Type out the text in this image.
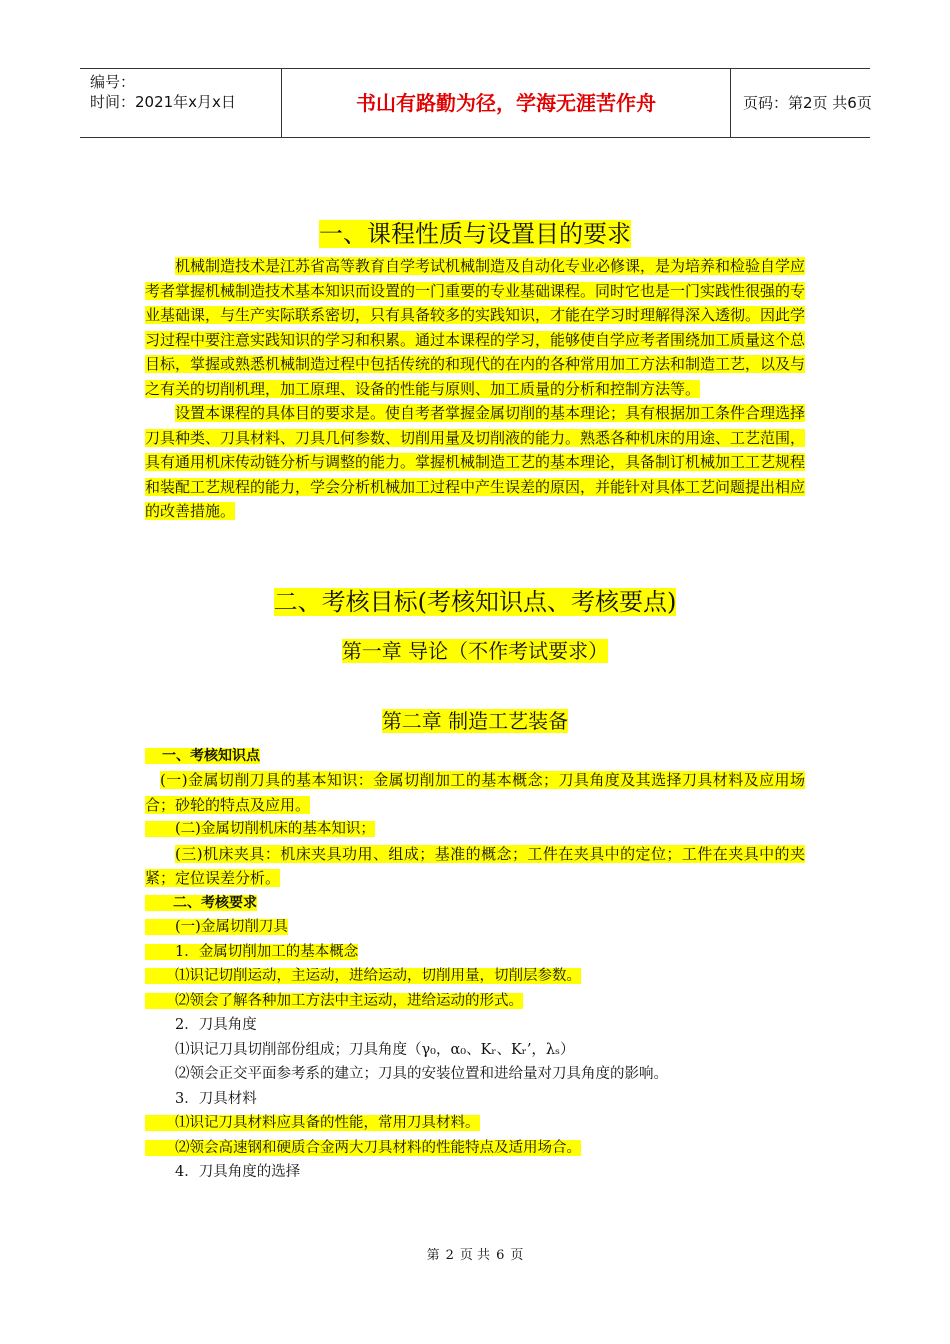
编号：
时间：2021年x月x日	书山有路勤为径，学海无涯苦作舟	页码：第2页 共6页
一、课程性质与设置目的要求

机械制造技术是江苏省高等教育自学考试机械制造及自动化专业必修课，是为培养和检验自学应考者掌握机械制造技术基本知识而设置的一门重要的专业基础课程。同时它也是一门实践性很强的专业基础课，与生产实际联系密切，只有具备较多的实践知识，才能在学习时理解得深入透彻。因此学习过程中要注意实践知识的学习和积累。通过本课程的学习，能够使自学应考者围绕加工质量这个总目标，掌握或熟悉机械制造过程中包括传统的和现代的在内的各种常用加工方法和制造工艺，以及与之有关的切削机理，加工原理、设备的性能与原则、加工质量的分析和控制方法等。

设置本课程的具体目的要求是。使自考者掌握金属切削的基本理论；具有根据加工条件合理选择刀具种类、刀具材料、刀具几何参数、切削用量及切削液的能力。熟悉各种机床的用途、工艺范围，具有通用机床传动链分析与调整的能力。掌握机械制造工艺的基本理论，具备制订机械加工工艺规程和装配工艺规程的能力，学会分析机械加工过程中产生误差的原因，并能针对具体工艺问题提出相应的改善措施。

二、考核目标(考核知识点、考核要点)
第一章 导论（不作考试要求）
第二章 制造工艺装备

一、考核知识点

(一)金属切削刀具的基本知识：金属切削加工的基本概念；刀具角度及其选择刀具材料及应用场合；砂轮的特点及应用。

(二)金属切削机床的基本知识；

(三)机床夹具：机床夹具功用、组成；基准的概念；工件在夹具中的定位；工件在夹具中的夹紧；定位误差分析。

二、考核要求

(一)金属切削刀具

1．金属切削加工的基本概念

⑴识记切削运动，主运动，进给运动，切削用量，切削层参数。

⑵领会了解各种加工方法中主运动，进给运动的形式。

2．刀具角度

⑴识记刀具切削部份组成；刀具角度（γ₀，α₀、Kᵣ、Kᵣ’，λₛ）

⑵领会正交平面参考系的建立；刀具的安装位置和进给量对刀具角度的影响。

3．刀具材料

⑴识记刀具材料应具备的性能，常用刀具材料。

⑵领会高速钢和硬质合金两大刀具材料的性能特点及适用场合。

4．刀具角度的选择

第 2 页 共 6 页
